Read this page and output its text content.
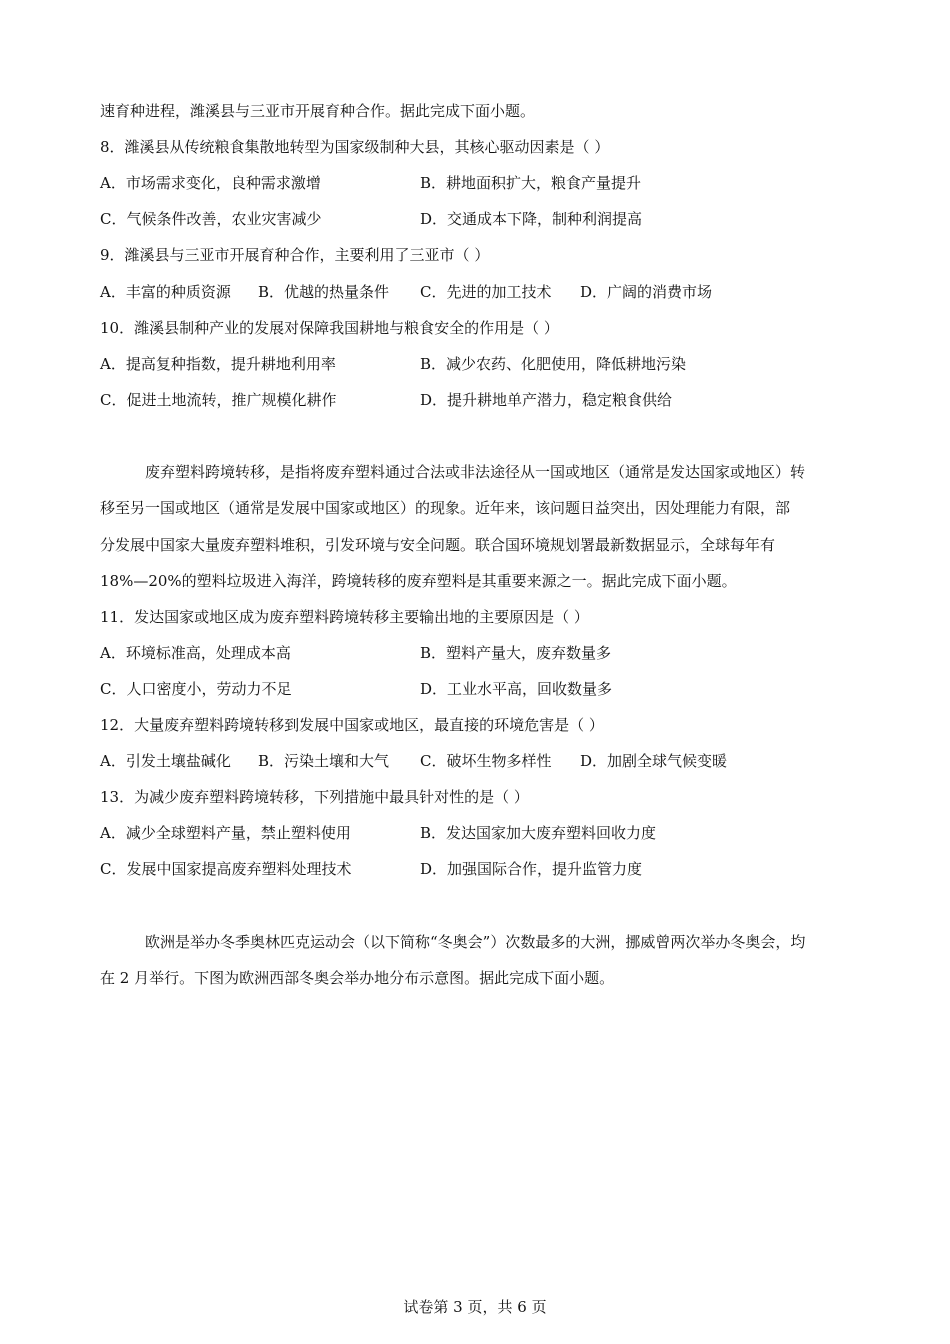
速育种进程，潍溪县与三亚市开展育种合作。据此完成下面小题。
8．潍溪县从传统粮食集散地转型为国家级制种大县，其核心驱动因素是（ ）
A．市场需求变化，良种需求激增	B．耕地面积扩大，粮食产量提升
C．气候条件改善，农业灾害减少	D．交通成本下降，制种利润提高
9．潍溪县与三亚市开展育种合作，主要利用了三亚市（ ）
A．丰富的种质资源 B．优越的热量条件 C．先进的加工技术 D．广阔的消费市场
10．潍溪县制种产业的发展对保障我国耕地与粮食安全的作用是（ ）
A．提高复种指数，提升耕地利用率	B．减少农药、化肥使用，降低耕地污染
C．促进土地流转，推广规模化耕作	D．提升耕地单产潜力，稳定粮食供给
废弃塑料跨境转移，是指将废弃塑料通过合法或非法途径从一国或地区（通常是发达国家或地区）转
移至另一国或地区（通常是发展中国家或地区）的现象。近年来，该问题日益突出，因处理能力有限，部
分发展中国家大量废弃塑料堆积，引发环境与安全问题。联合国环境规划署最新数据显示，全球每年有
18%—20%的塑料垃圾进入海洋，跨境转移的废弃塑料是其重要来源之一。据此完成下面小题。
11．发达国家或地区成为废弃塑料跨境转移主要输出地的主要原因是（ ）
A．环境标准高，处理成本高	B．塑料产量大，废弃数量多
C．人口密度小，劳动力不足	D．工业水平高，回收数量多
12．大量废弃塑料跨境转移到发展中国家或地区，最直接的环境危害是（ ）
A．引发土壤盐碱化 B．污染土壤和大气 C．破坏生物多样性 D．加剧全球气候变暖
13．为减少废弃塑料跨境转移，下列措施中最具针对性的是（ ）
A．减少全球塑料产量，禁止塑料使用	B．发达国家加大废弃塑料回收力度
C．发展中国家提高废弃塑料处理技术	D．加强国际合作，提升监管力度
欧洲是举办冬季奥林匹克运动会（以下简称“冬奥会”）次数最多的大洲，挪威曾两次举办冬奥会，均
在 2 月举行。下图为欧洲西部冬奥会举办地分布示意图。据此完成下面小题。
试卷第 3 页，共 6 页
